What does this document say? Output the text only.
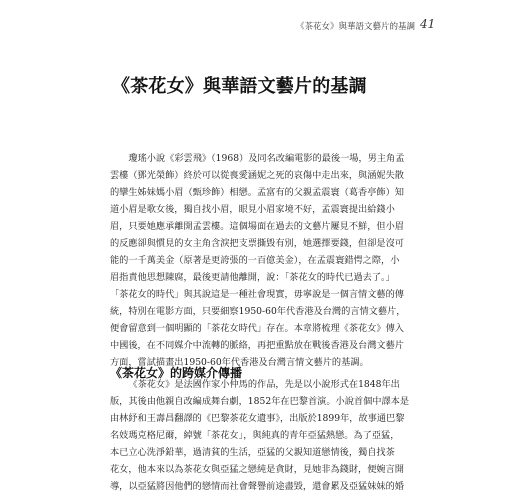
《茶花女》與華語文藝片的基調 41
《茶花女》與華語文藝片的基調

瓊瑤小說《彩雲飛》（1968）及同名改編電影的最後一場，男主角孟
雲樓（鄧光榮飾）終於可以從喪愛涵妮之死的哀傷中走出來，與涵妮失散
的攣生姊妹媽小眉（甄珍飾）相戀。孟富有的父親孟震寰（葛香亭飾）知
道小眉是歌女後，獨自找小眉，眼見小眉家境不好，孟震寰提出給錢小
眉，只要她應承離開孟雲樓。這個場面在過去的文藝片屢見不鮮，但小眉
的反應卻與慣見的女主角含淚把支票撕毀有別，她選擇要錢，但卻是沒可
能的一千萬美金（原著是更誇張的一百億美金），在孟震寰錯愕之際，小
眉指責他思想陳腐，最後更請他離開，說：「茶花女的時代已過去了。」
「茶花女的時代」與其說這是一種社會現實，毋寧說是一個言情文藝的傳
統，特別在電影方面，只要細察1950-60年代香港及台灣的言情文藝片，
便會留意到一個明顯的「茶花女時代」存在。本章將梳理《茶花女》傳入
中國後，在不同媒介中流轉的脈絡，再把重點放在戰後香港及台灣文藝片
方面，嘗試描畫出1950-60年代香港及台灣言情文藝片的基調。

《茶花女》的跨媒介傳播

《茶花女》是法國作家小仲馬的作品，先是以小說形式在1848年出
版，其後由他親自改編成舞台劇，1852年在巴黎首演。小說首個中譯本是
由林紓和王壽昌翻譯的《巴黎茶花女遺事》，出版於1899年，故事通巴黎
名妓瑪克格尼爾，綽號「茶花女」，與純真的青年亞猛熱戀。為了亞猛，
本已立心洗淨鉛華，過清貧的生活，亞猛的父親知道戀情後，獨自找茶
花女，他本來以為茶花女與亞猛之戀純是貪財，見她非為錢財，便婉言開
導，以亞猛將因他們的戀情而社會聲譽前途盡毀，還會累及亞猛妹妹的婚
